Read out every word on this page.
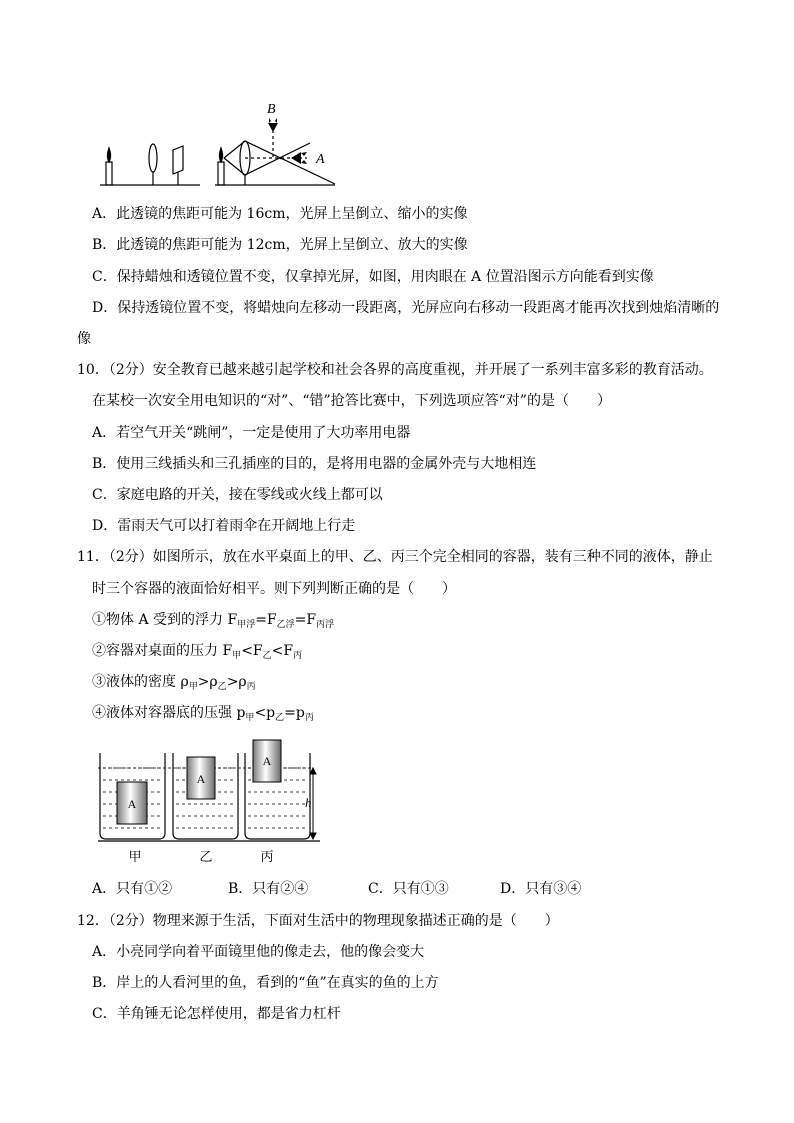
B
A
A．此透镜的焦距可能为 16cm，光屏上呈倒立、缩小的实像
B．此透镜的焦距可能为 12cm，光屏上呈倒立、放大的实像
C．保持蜡烛和透镜位置不变，仅拿掉光屏，如图，用肉眼在 A 位置沿图示方向能看到实像
D．保持透镜位置不变，将蜡烛向左移动一段距离，光屏应向右移动一段距离才能再次找到烛焰清晰的
像
10．（2分）安全教育已越来越引起学校和社会各界的高度重视，并开展了一系列丰富多彩的教育活动。
在某校一次安全用电知识的“对”、“错”抢答比赛中，下列选项应答“对”的是（　　）
A．若空气开关“跳闸”，一定是使用了大功率用电器
B．使用三线插头和三孔插座的目的，是将用电器的金属外壳与大地相连
C．家庭电路的开关，接在零线或火线上都可以
D．雷雨天气可以打着雨伞在开阔地上行走
11．（2分）如图所示，放在水平桌面上的甲、乙、丙三个完全相同的容器，装有三种不同的液体，静止
时三个容器的液面恰好相平。则下列判断正确的是（　　）
①物体 A 受到的浮力 $F_{甲浮}=F_{乙浮}=F_{丙浮}$
②容器对桌面的压力 $F_甲<F_乙<F_丙$
③液体的密度 $\rho_甲>\rho_乙>\rho_丙$
④液体对容器底的压强 $p_甲<p_乙=p_丙$
A
A
A
h
甲	乙	丙
A．只有①②	B．只有②④	C．只有①③	D．只有③④
12．（2分）物理来源于生活，下面对生活中的物理现象描述正确的是（　　）
A．小亮同学向着平面镜里他的像走去，他的像会变大
B．岸上的人看河里的鱼，看到的“鱼”在真实的鱼的上方
C．羊角锤无论怎样使用，都是省力杠杆
